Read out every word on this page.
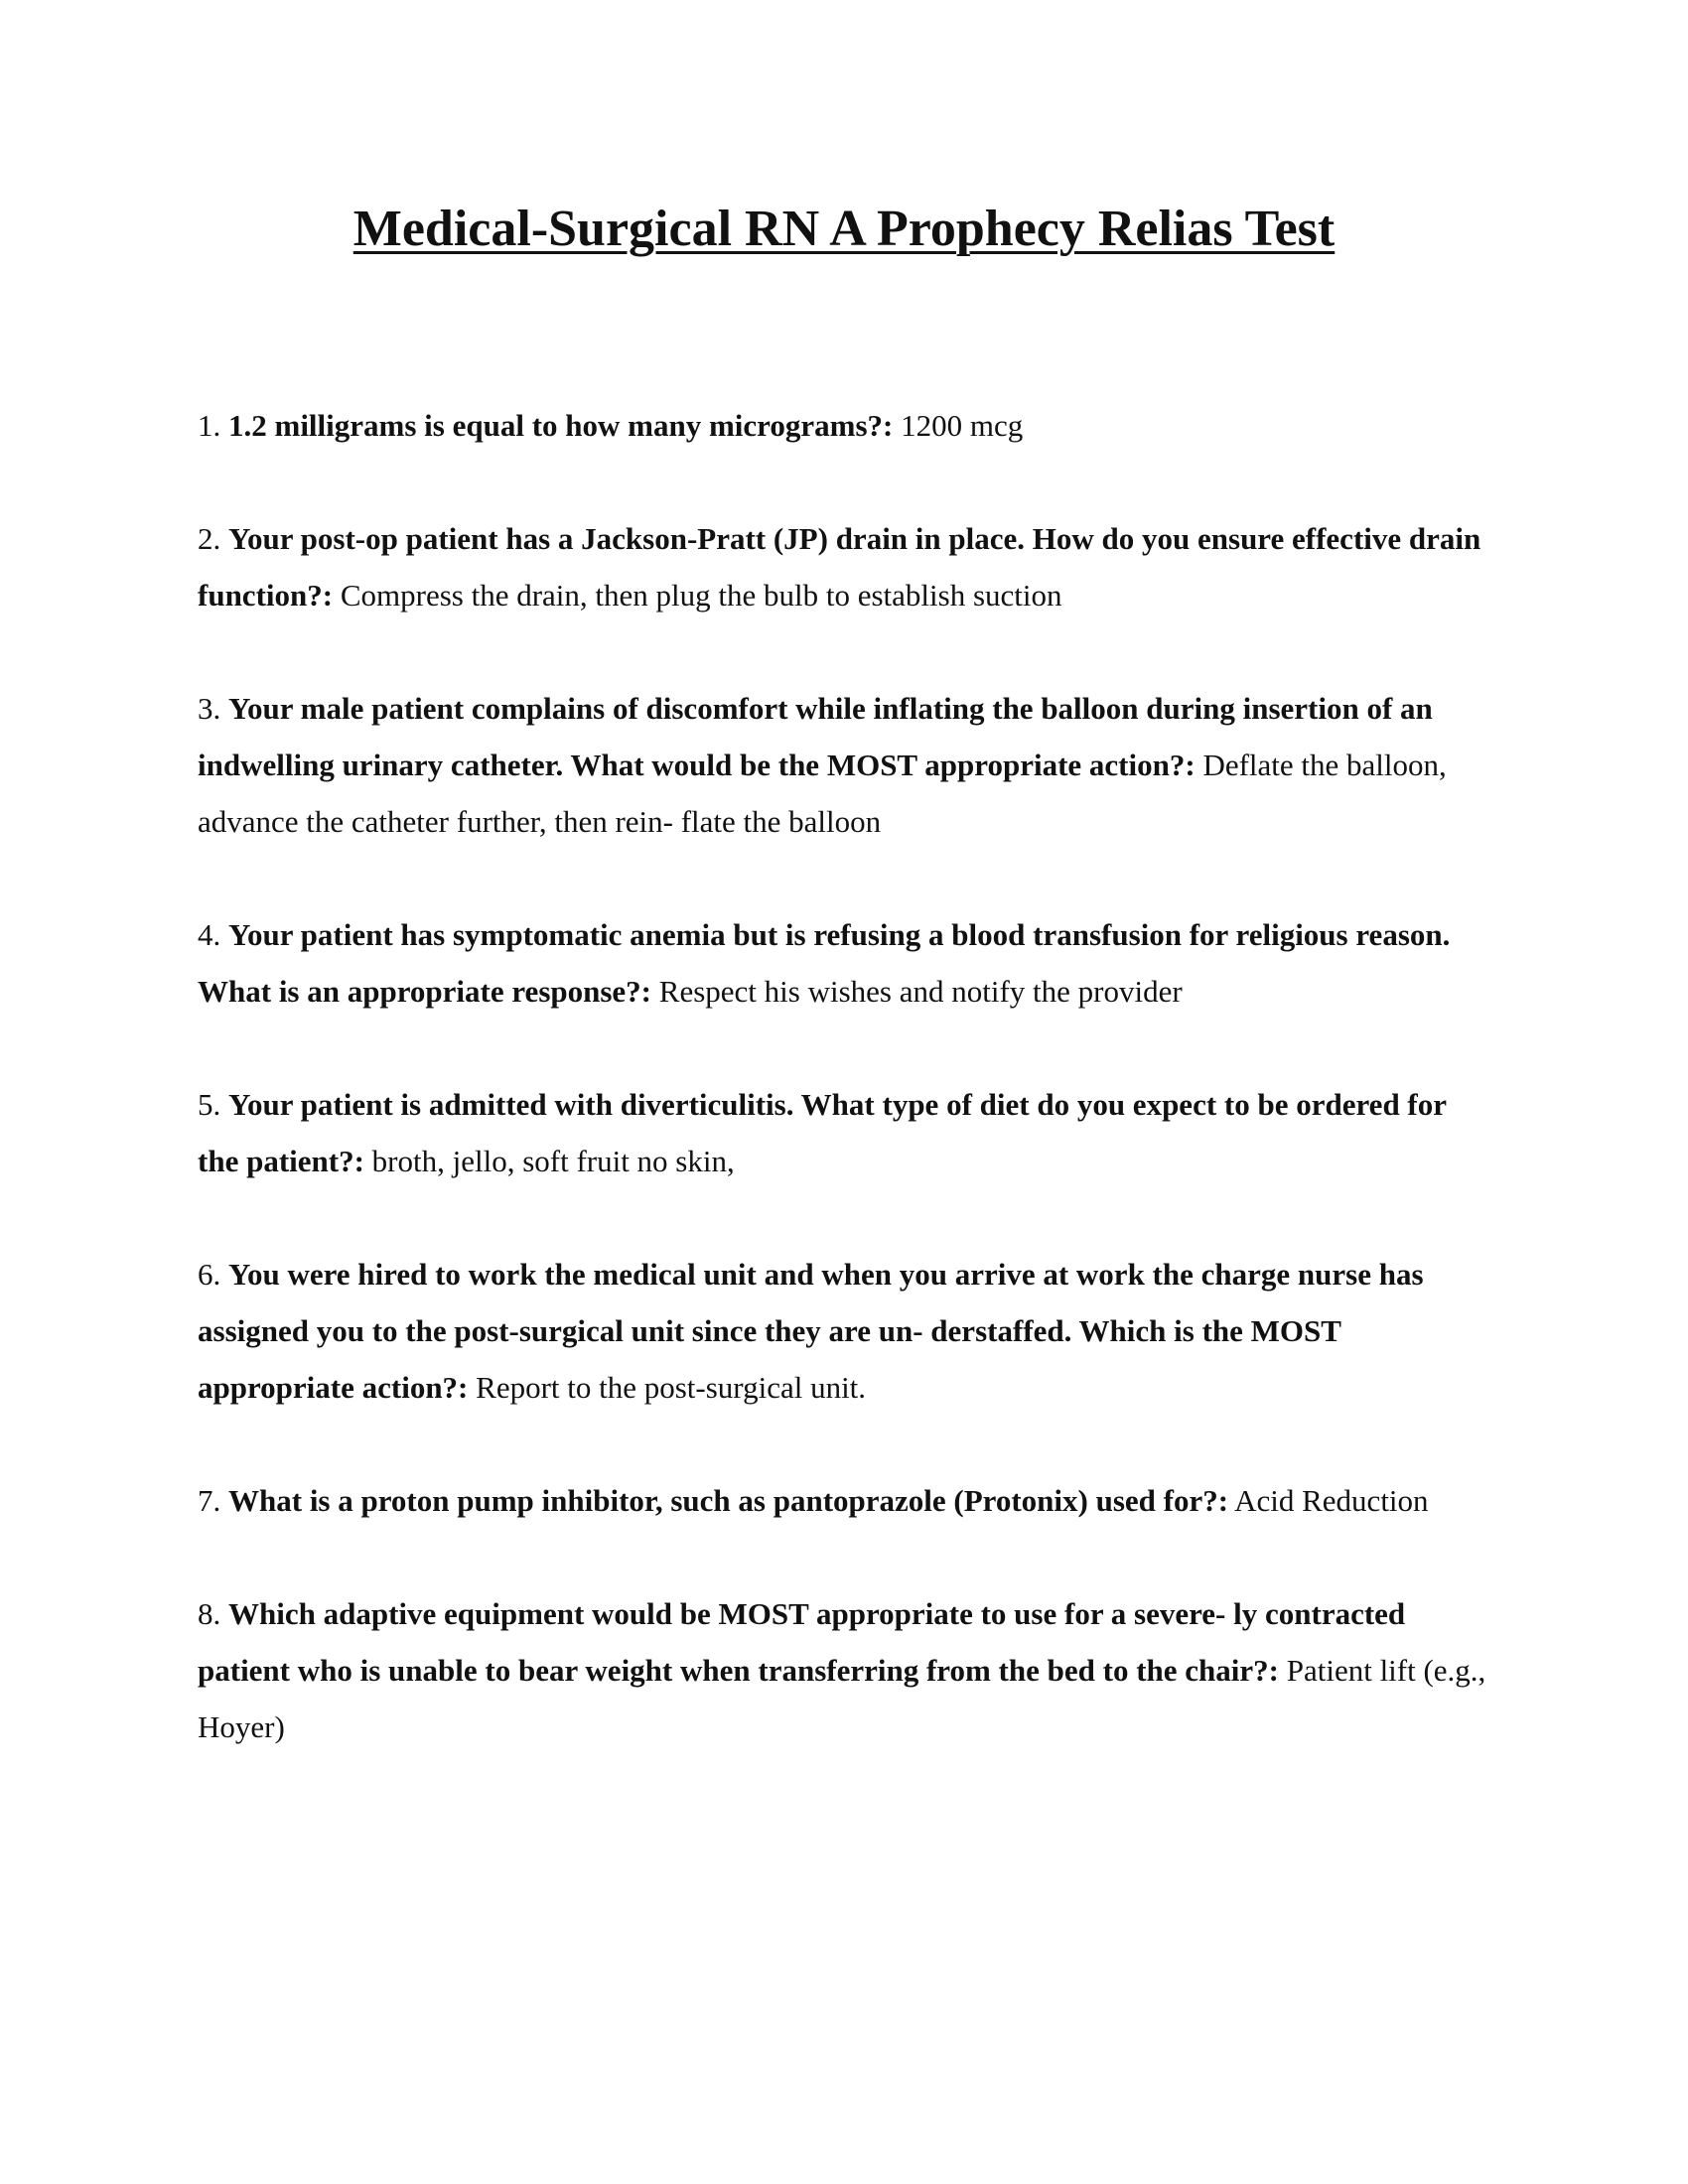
Medical-Surgical RN A Prophecy Relias Test

1. 1.2 milligrams is equal to how many micrograms?: 1200 mcg

2. Your post-op patient has a Jackson-Pratt (JP) drain in place. How do you ensure effective drain function?: Compress the drain, then plug the bulb to establish suction

3. Your male patient complains of discomfort while inflating the balloon during insertion of an indwelling urinary catheter. What would be the MOST appropriate action?: Deflate the balloon, advance the catheter further, then rein- flate the balloon

4. Your patient has symptomatic anemia but is refusing a blood transfusion for religious reason. What is an appropriate response?: Respect his wishes and notify the provider

5. Your patient is admitted with diverticulitis. What type of diet do you expect to be ordered for the patient?: broth, jello, soft fruit no skin,

6. You were hired to work the medical unit and when you arrive at work the charge nurse has assigned you to the post-surgical unit since they are un- derstaffed. Which is the MOST appropriate action?: Report to the post-surgical unit.

7. What is a proton pump inhibitor, such as pantoprazole (Protonix) used for?: Acid Reduction

8. Which adaptive equipment would be MOST appropriate to use for a severe- ly contracted patient who is unable to bear weight when transferring from the bed to the chair?: Patient lift (e.g., Hoyer)
